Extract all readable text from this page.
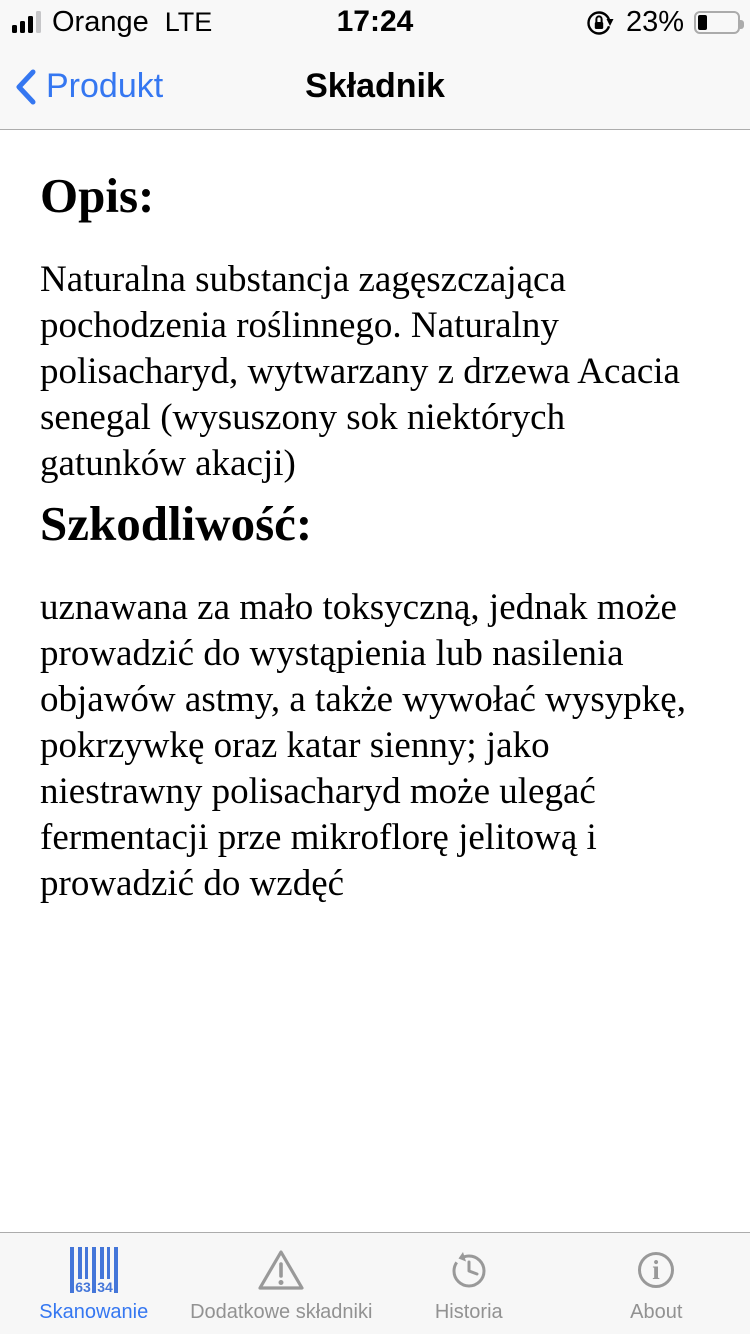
Orange LTE	17:24	23%
Produkt	Składnik
Opis:

Naturalna substancja zagęszczająca pochodzenia roślinnego. Naturalny polisacharyd, wytwarzany z drzewa Acacia senegal (wysuszony sok niektórych gatunków akacji)

Szkodliwość:

uznawana za mało toksyczną, jednak może prowadzić do wystąpienia lub nasilenia objawów astmy, a także wywołać wysypkę, pokrzywkę oraz katar sienny; jako niestrawny polisacharyd może ulegać fermentacji prze mikroflorę jelitową i prowadzić do wzdęć

63 34
Skanowanie Dodatkowe składniki	Historia
i
About
